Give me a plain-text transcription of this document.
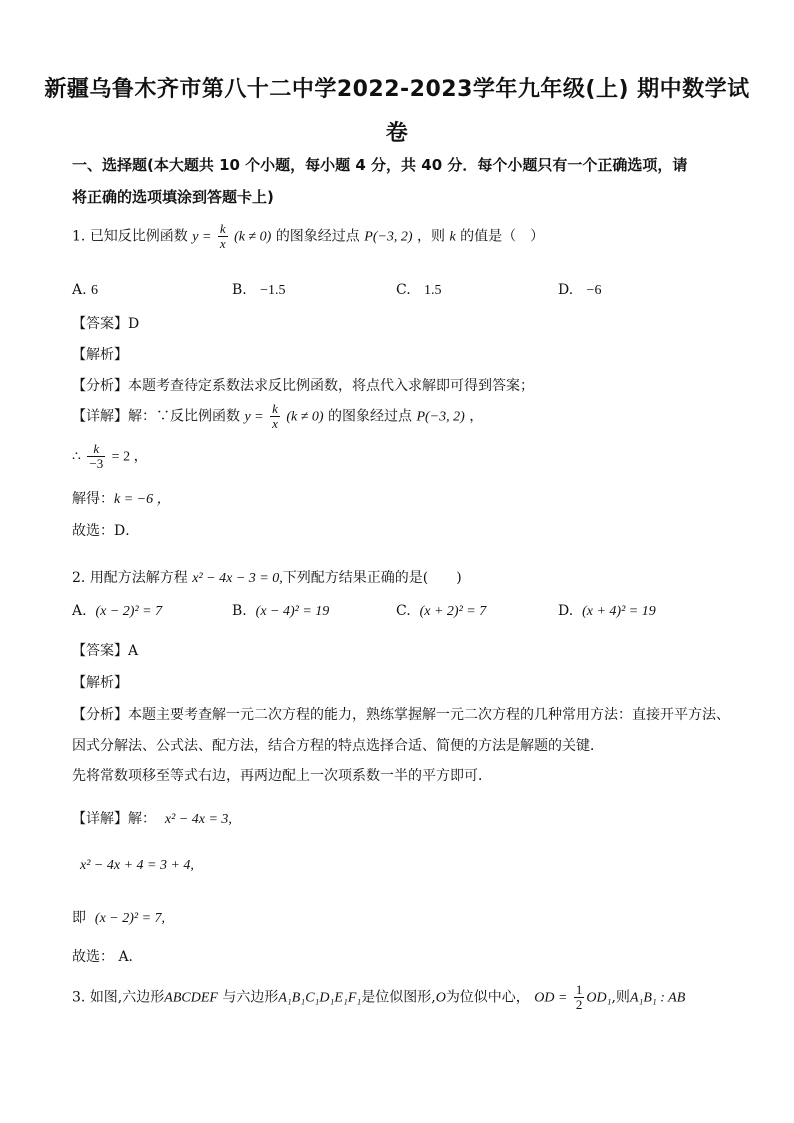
新疆乌鲁木齐市第八十二中学2022-2023学年九年级(上) 期中数学试
卷
一、选择题(本大题共 10 个小题，每小题 4 分，共 40 分．每个小题只有一个正确选项，请
将正确的选项填涂到答题卡上)
1. 已知反比例函数 $y = \frac{k}{x} (k \ne 0)$ 的图象经过点 P(−3, 2) ，则 k 的值是（　）
A. 6	B. −1.5	C. 1.5	D. −6
【答案】D
【解析】
【分析】本题考查待定系数法求反比例函数，将点代入求解即可得到答案；
【详解】解：∵反比例函数 $y = \frac{k}{x} (k \ne 0)$ 的图象经过点 P(−3, 2) ，
∴ $\frac{k}{-3} = 2$ ，
解得：k = −6 ，
故选：D．
2. 用配方法解方程 x² − 4x − 3 = 0,下列配方结果正确的是(　　)
A. (x − 2)² = 7	B. (x − 4)² = 19	C. (x + 2)² = 7	D. (x + 4)² = 19
【答案】A
【解析】
【分析】本题主要考查解一元二次方程的能力，熟练掌握解一元二次方程的几种常用方法：直接开平方法、
因式分解法、公式法、配方法，结合方程的特点选择合适、简便的方法是解题的关键．
先将常数项移至等式右边，再两边配上一次项系数一半的平方即可．
【详解】解： x² − 4x = 3,
x² − 4x + 4 = 3 + 4,
即 (x − 2)² = 7,
故选： A．
3. 如图,六边形ABCDEF 与六边形A₁B₁C₁D₁E₁F₁是位似图形,O为位似中心， OD = $\frac{1}{2} OD_1$,则A₁B₁ : AB
